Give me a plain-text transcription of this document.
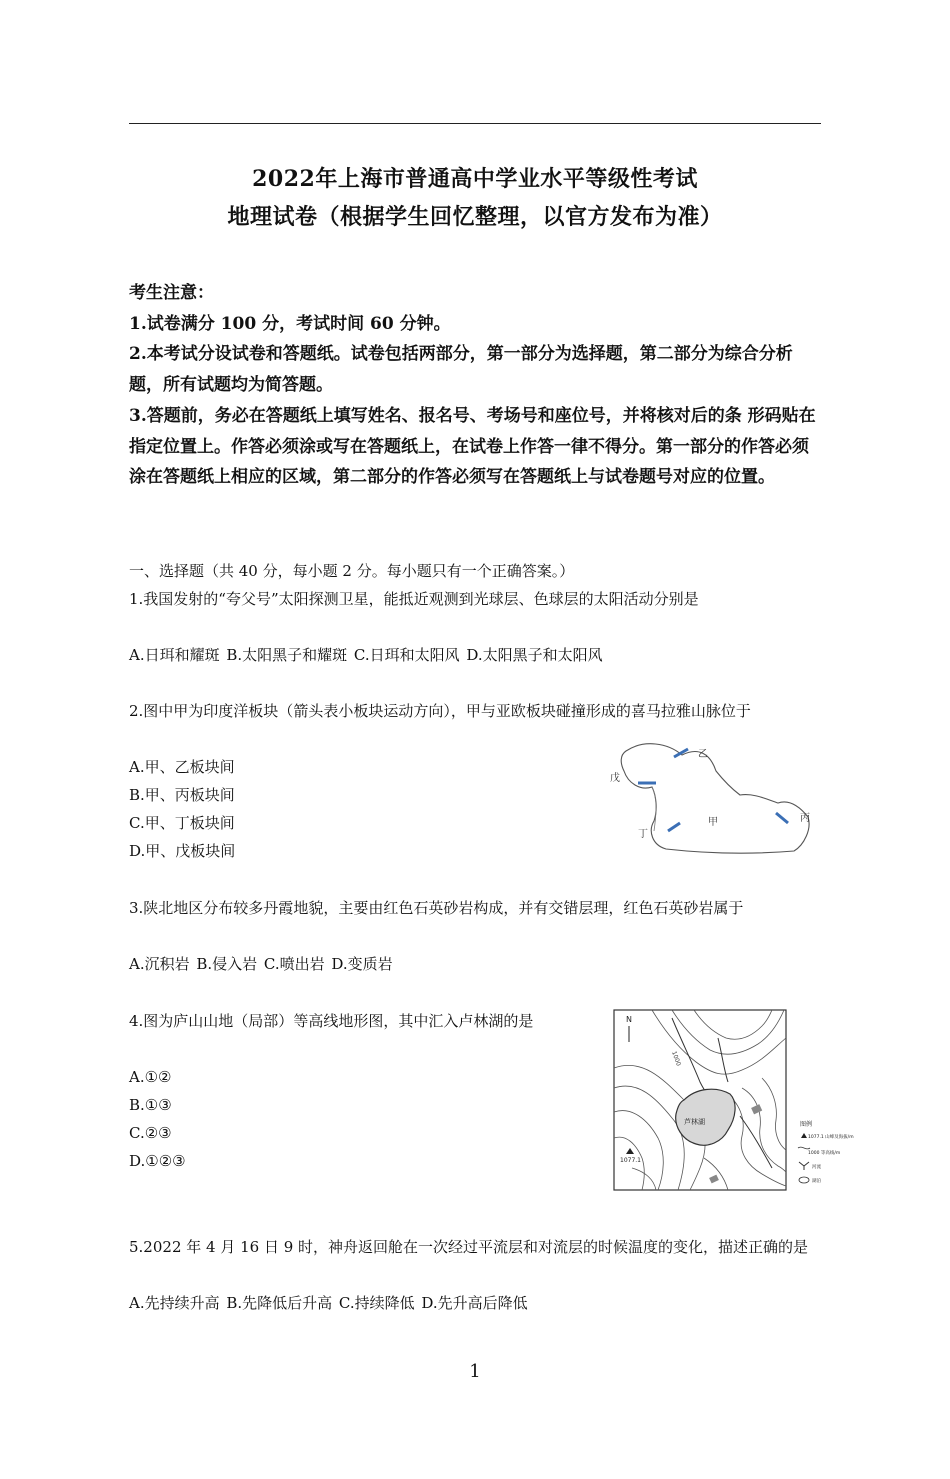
2022年上海市普通高中学业水平等级性考试
地理试卷（根据学生回忆整理，以官方发布为准）
考生注意：
1.试卷满分 100 分，考试时间 60 分钟。
2.本考试分设试卷和答题纸。试卷包括两部分，第一部分为选择题，第二部分为综合分析题，所有试题均为简答题。
3.答题前，务必在答题纸上填写姓名、报名号、考场号和座位号，并将核对后的条 形码贴在指定位置上。作答必须涂或写在答题纸上，在试卷上作答一律不得分。第一部分的作答必须涂在答题纸上相应的区域，第二部分的作答必须写在答题纸上与试卷题号对应的位置。
一、选择题（共 40 分，每小题 2 分。每小题只有一个正确答案。）
1.我国发射的“夸父号”太阳探测卫星，能抵近观测到光球层、色球层的太阳活动分别是
A.日珥和耀斑 B.太阳黑子和耀斑 C.日珥和太阳风 D.太阳黑子和太阳风
2.图中甲为印度洋板块（箭头表小板块运动方向），甲与亚欧板块碰撞形成的喜马拉雅山脉位于
A.甲、乙板块间
B.甲、丙板块间
C.甲、丁板块间
D.甲、戊板块间
乙
戊
甲	丙
丁
3.陕北地区分布较多丹霞地貌，主要由红色石英砂岩构成，并有交错层理，红色石英砂岩属于
A.沉积岩 B.侵入岩 C.喷出岩 D.变质岩
4.图为庐山山地（局部）等高线地形图，其中汇入卢林湖的是
A.①②
B.①③
C.②③
D.①②③
芦林湖
N
1000
1077.1
图例
1077.1 山峰及海拔/m
1000 等高线/m
河流
湖泊
5.2022 年 4 月 16 日 9 时，神舟返回舱在一次经过平流层和对流层的时候温度的变化，描述正确的是
A.先持续升高 B.先降低后升高 C.持续降低 D.先升高后降低
1
